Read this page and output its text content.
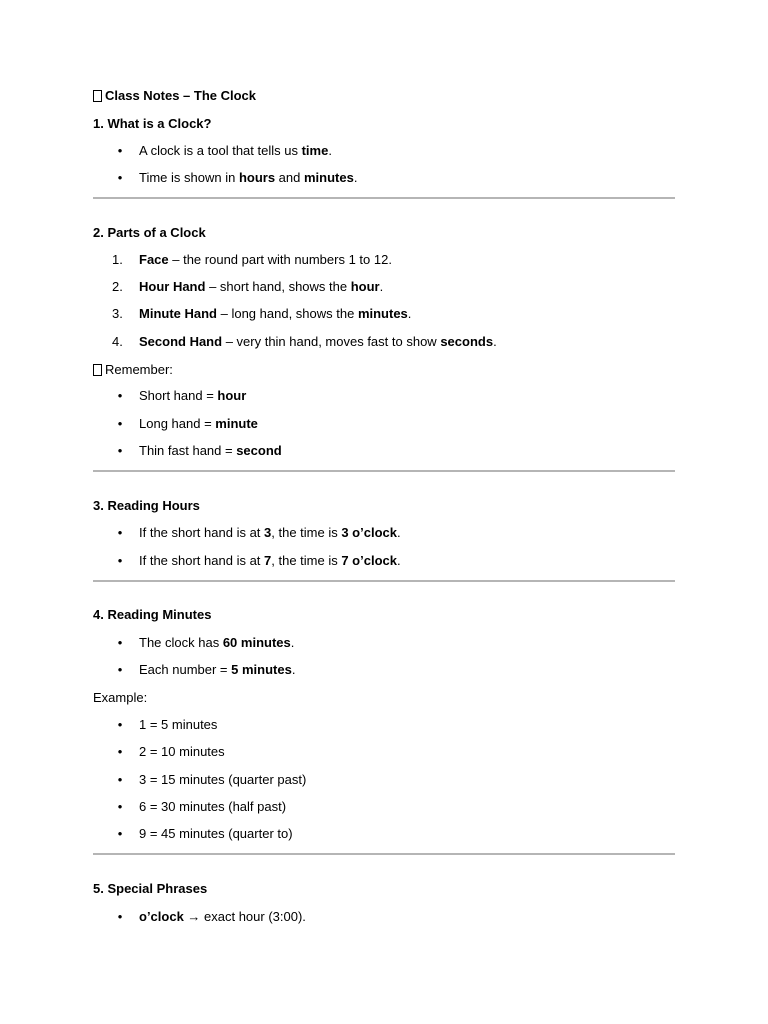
Class Notes – The Clock
1. What is a Clock?
• A clock is a tool that tells us time.
• Time is shown in hours and minutes.
2. Parts of a Clock
1.	Face – the round part with numbers 1 to 12.
2.	Hour Hand – short hand, shows the hour.
3.	Minute Hand – long hand, shows the minutes.
4.	Second Hand – very thin hand, moves fast to show seconds.
Remember:
• Short hand = hour
• Long hand = minute
• Thin fast hand = second
3. Reading Hours
• If the short hand is at 3, the time is 3 o’clock.
• If the short hand is at 7, the time is 7 o’clock.
4. Reading Minutes
• The clock has 60 minutes.
• Each number = 5 minutes.
Example:
• 1 = 5 minutes
• 2 = 10 minutes
• 3 = 15 minutes (quarter past)
• 6 = 30 minutes (half past)
• 9 = 45 minutes (quarter to)
5. Special Phrases
• o’clock → exact hour (3:00).
